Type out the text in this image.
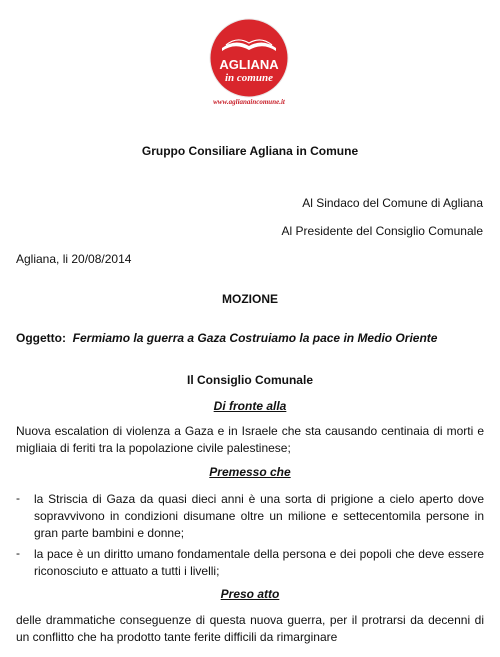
AGLIANA
in comune
www.aglianaincomune.it
Gruppo Consiliare Agliana in Comune
Al Sindaco del Comune di Agliana
Al Presidente del Consiglio Comunale
Agliana, li 20/08/2014
MOZIONE
Oggetto: Fermiamo la guerra a Gaza Costruiamo la pace in Medio Oriente
Il Consiglio Comunale
Di fronte alla
Nuova escalation di violenza a Gaza e in Israele che sta causando centinaia di morti e migliaia di feriti tra la popolazione civile palestinese;
Premesso che
- la Striscia di Gaza da quasi dieci anni è una sorta di prigione a cielo aperto dove sopravvivono in condizioni disumane oltre un milione e settecentomila persone in gran parte bambini e donne;
- la pace è un diritto umano fondamentale della persona e dei popoli che deve essere riconosciuto e attuato a tutti i livelli;
Preso atto
delle drammatiche conseguenze di questa nuova guerra, per il protrarsi da decenni di un conflitto che ha prodotto tante ferite difficili da rimarginare
